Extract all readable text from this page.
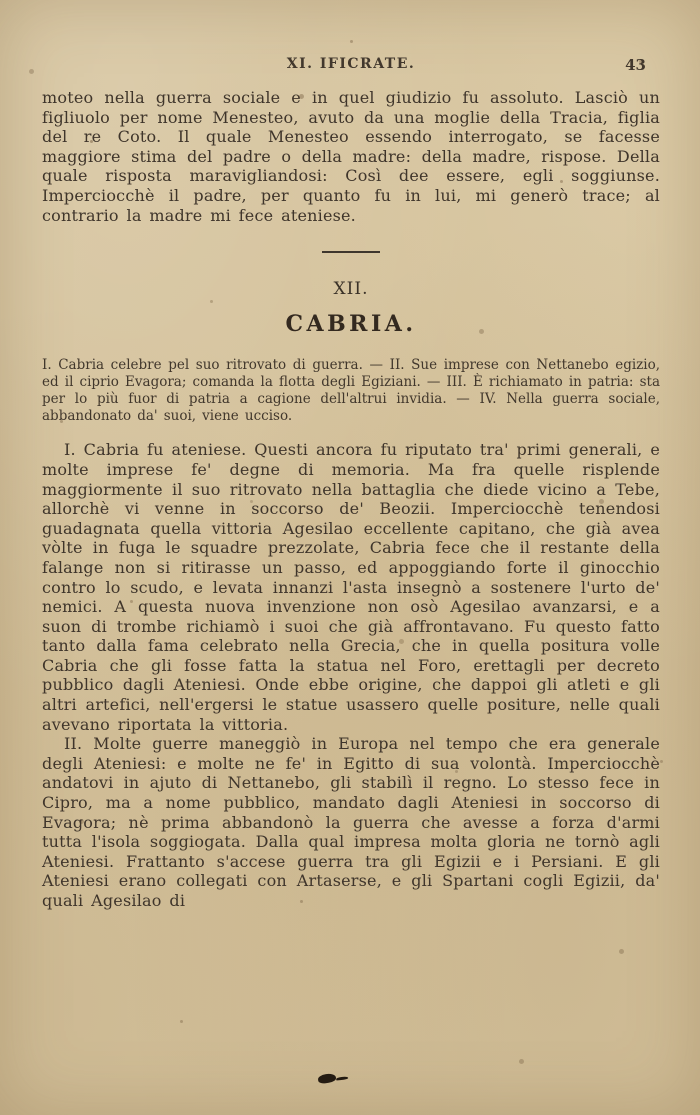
XI. IFICRATE.	43

moteo nella guerra sociale e in quel giudizio fu assoluto. Lasciò un figliuolo per nome Menesteo, avuto da una moglie della Tracia, figlia del re Coto. Il quale Menesteo essendo interrogato, se facesse maggiore stima del padre o della madre: della madre, rispose. Della quale risposta maravigliandosi: Così dee essere, egli soggiunse. Imperciocchè il padre, per quanto fu in lui, mi generò trace; al contrario la madre mi fece ateniese.

XII.
CABRIA.
I. Cabria celebre pel suo ritrovato di guerra. — II. Sue imprese con Nettanebo egizio, ed il ciprio Evagora; comanda la flotta degli Egiziani. — III. È richiamato in patria: sta per lo più fuor di patria a cagione dell'altrui invidia. — IV. Nella guerra sociale, abbandonato da' suoi, viene ucciso.

I. Cabria fu ateniese. Questi ancora fu riputato tra' primi generali, e molte imprese fe' degne di memoria. Ma fra quelle risplende maggiormente il suo ritrovato nella battaglia che diede vicino a Tebe, allorchè vi venne in soccorso de' Beozii. Imperciocchè tenendosi guadagnata quella vittoria Agesilao eccellente capitano, che già avea vòlte in fuga le squadre prezzolate, Cabria fece che il restante della falange non si ritirasse un passo, ed appoggiando forte il ginocchio contro lo scudo, e levata innanzi l'asta insegnò a sostenere l'urto de' nemici. A questa nuova invenzione non osò Agesilao avanzarsi, e a suon di trombe richiamò i suoi che già affrontavano. Fu questo fatto tanto dalla fama celebrato nella Grecia, che in quella positura volle Cabria che gli fosse fatta la statua nel Foro, erettagli per decreto pubblico dagli Ateniesi. Onde ebbe origine, che dappoi gli atleti e gli altri artefici, nell'ergersi le statue usassero quelle positure, nelle quali avevano riportata la vittoria.

II. Molte guerre maneggiò in Europa nel tempo che era generale degli Ateniesi: e molte ne fe' in Egitto di sua volontà. Imperciocchè andatovi in ajuto di Nettanebo, gli stabilì il regno. Lo stesso fece in Cipro, ma a nome pubblico, mandato dagli Ateniesi in soccorso di Evagora; nè prima abbandonò la guerra che avesse a forza d'armi tutta l'isola soggiogata. Dalla qual impresa molta gloria ne tornò agli Ateniesi. Frattanto s'accese guerra tra gli Egizii e i Persiani. E gli Ateniesi erano collegati con Artaserse, e gli Spartani cogli Egizii, da' quali Agesilao di
